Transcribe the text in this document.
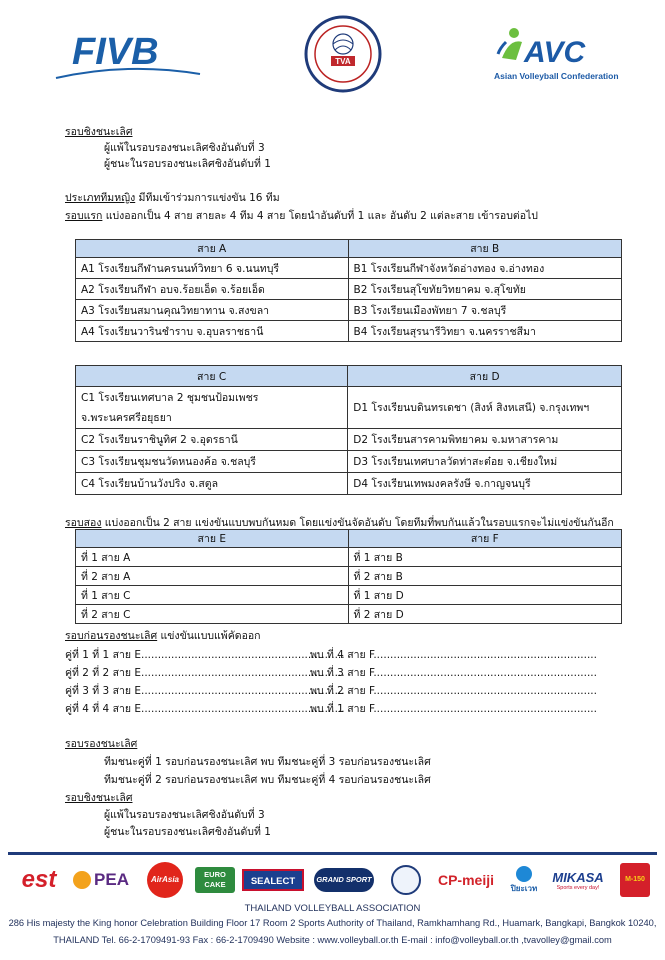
FIVB	TVA	AVC
Asian Volleyball Confederation
รอบชิงชนะเลิศ
ผู้แพ้ในรอบรองชนะเลิศชิงอันดับที่ 3
ผู้ชนะในรอบรองชนะเลิศชิงอันดับที่ 1
ประเภททีมหญิง มีทีมเข้าร่วมการแข่งขัน 16 ทีม
รอบแรก แบ่งออกเป็น 4 สาย สายละ 4 ทีม 4 สาย โดยนำอันดับที่ 1 และ อันดับ 2 แต่ละสาย เข้ารอบต่อไป
สาย A	สาย B
A1 โรงเรียนกีฬานครนนท์วิทยา 6 จ.นนทบุรี	B1 โรงเรียนกีฬาจังหวัดอ่างทอง จ.อ่างทอง
A2 โรงเรียนกีฬา อบจ.ร้อยเอ็ด จ.ร้อยเอ็ด	B2 โรงเรียนสุโขทัยวิทยาคม จ.สุโขทัย
A3 โรงเรียนสมานคุณวิทยาทาน จ.สงขลา	B3 โรงเรียนเมืองพัทยา 7 จ.ชลบุรี
A4 โรงเรียนวารินชำราบ จ.อุบลราชธานี	B4 โรงเรียนสุรนารีวิทยา จ.นครราชสีมา
สาย C	สาย D
C1 โรงเรียนเทศบาล 2 ชุมชนป้อมเพชร
จ.พระนครศรีอยุธยา	D1 โรงเรียนบดินทรเดชา (สิงห์ สิงหเสนี) จ.กรุงเทพฯ
C2 โรงเรียนราชินูทิศ 2 จ.อุดรธานี	D2 โรงเรียนสารคามพิทยาคม จ.มหาสารคาม
C3 โรงเรียนชุมชนวัดหนองค้อ จ.ชลบุรี	D3 โรงเรียนเทศบาลวัดท่าสะต๋อย จ.เชียงใหม่
C4 โรงเรียนบ้านวังปริง จ.สตูล	D4 โรงเรียนเทพมงคลรังษี จ.กาญจนบุรี
รอบสอง แบ่งออกเป็น 2 สาย แข่งขันแบบพบกันหมด โดยแข่งขันจัดอันดับ โดยทีมที่พบกันแล้วในรอบแรกจะไม่แข่งขันกันอีก
สาย E	สาย F
ที่ 1 สาย A	ที่ 1 สาย B
ที่ 2 สาย A	ที่ 2 สาย B
ที่ 1 สาย C	ที่ 1 สาย D
ที่ 2 สาย C	ที่ 2 สาย D
รอบก่อนรองชนะเลิศ แข่งขันแบบแพ้คัดออก
คู่ที่ 1 ที่ 1 สาย E.............................................................
พบ ที่ 4 สาย F...................................................................
คู่ที่ 2 ที่ 2 สาย E.............................................................
พบ ที่ 3 สาย F...................................................................
คู่ที่ 3 ที่ 3 สาย E.............................................................
พบ ที่ 2 สาย F...................................................................
คู่ที่ 4 ที่ 4 สาย E.............................................................
พบ ที่ 1 สาย F...................................................................
รอบรองชนะเลิศ
ทีมชนะคู่ที่ 1 รอบก่อนรองชนะเลิศ พบ ทีมชนะคู่ที่ 3 รอบก่อนรองชนะเลิศ
ทีมชนะคู่ที่ 2 รอบก่อนรองชนะเลิศ พบ ทีมชนะคู่ที่ 4 รอบก่อนรองชนะเลิศ
รอบชิงชนะเลิศ
ผู้แพ้ในรอบรองชนะเลิศชิงอันดับที่ 3
ผู้ชนะในรอบรองชนะเลิศชิงอันดับที่ 1
est	PEA	AirAsia
EURO CAKE	SEALECT	GRAND SPORT	CP-meiji	ปิยะเวท
MIKASA
Sports every day!
M-150
THAILAND VOLLEYBALL ASSOCIATION
286 His majesty the King honor Celebration Building Floor 17 Room 2 Sports Authority of Thailand, Ramkhamhang Rd., Huamark, Bangkapi, Bangkok 10240,
THAILAND Tel. 66-2-1709491-93 Fax : 66-2-1709490 Website : www.volleyball.or.th E-mail : info@volleyball.or.th ,tvavolley@gmail.com
